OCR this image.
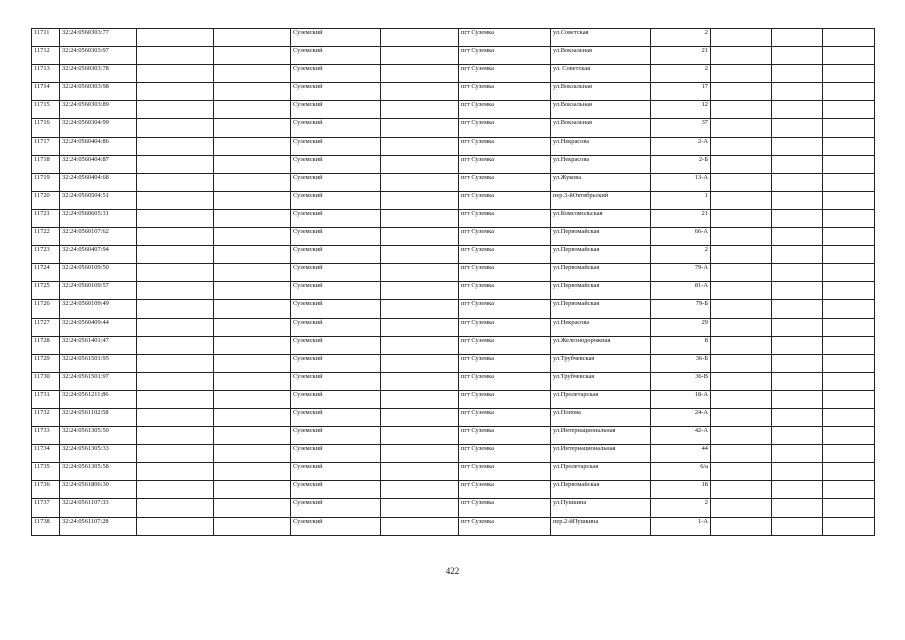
11711	32:24:0560303:77			Суземский		пгт Суземка	ул.Советская	2			
11712	32:24:0560303:97			Суземский		пгт Суземка	ул.Вокзальная	21			
11713	32:24:0560303:78			Суземский		пгт Суземка	ул. Советская	2			
11714	32:24:0560303:98			Суземский		пгт Суземка	ул.Вокзальная	17			
11715	32:24:0560303:89			Суземский		пгт Суземка	ул.Вокзальная	12			
11716	32:24:0560304:99			Суземский		пгт Суземка	ул.Вокзальная	37			
11717	32:24:0560404:86			Суземский		пгт Суземка	ул.Некрасова	2-А			
11718	32:24:0560404:87			Суземский		пгт Суземка	ул.Некрасова	2-Б			
11719	32:24:0560404:68			Суземский		пгт Суземка	ул.Жукова	13-А			
11720	32:24:0560504:51			Суземский		пгт Суземка	пер.3-йОктябрьский	1			
11721	32:24:0560605:31			Суземский		пгт Суземка	ул.Комсомольская	21			
11722	32:24:0560107:62			Суземский		пгт Суземка	ул.Первомайская	66-А			
11723	32:24:0560407:94			Суземский		пгт Суземка	ул.Первомайская	2			
11724	32:24:0560109:50			Суземский		пгт Суземка	ул.Первомайская	79-А			
11725	32:24:0560109:57			Суземский		пгт Суземка	ул.Первомайская	81-А			
11726	32:24:0560109:49			Суземский		пгт Суземка	ул.Первомайская	79-Б			
11727	32:24:0560409:44			Суземский		пгт Суземка	ул.Некрасова	29			
11728	32:24:0561401:47			Суземский		пгт Суземка	ул.Железнодорожная	8			
11729	32:24:0561501:95			Суземский		пгт Суземка	ул.Трубчевская	36-Б			
11730	32:24:0561501:97			Суземский		пгт Суземка	ул.Трубчевская	36-В			
11731	32:24:0561211:86			Суземский		пгт Суземка	ул.Пролетарская	18-А			
11732	32:24:0561102:58			Суземский		пгт Суземка	ул.Попова	24-А			
11733	32:24:0561305:50			Суземский		пгт Суземка	ул.Интернациональная	42-А			
11734	32:24:0561305:33			Суземский		пгт Суземка	ул.Интернациональная	44			
11735	32:24:0561305:58			Суземский		пгт Суземка	ул.Пролетарская	6/а			
11736	32:24:0561806:30			Суземский		пгт Суземка	ул.Первомайская	18			
11737	32:24:0561107:33			Суземский		пгт Суземка	ул.Пушкина	2			
11738	32:24:0561107:28			Суземский		пгт Суземка	пер.2-йПушкина	1-А			
422
